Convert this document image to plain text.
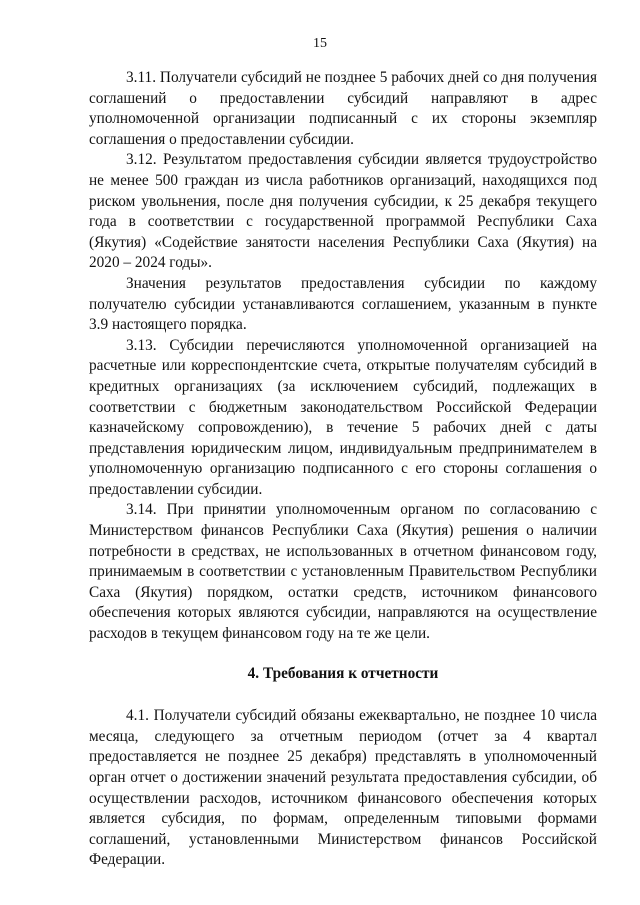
15

3.11. Получатели субсидий не позднее 5 рабочих дней со дня получения соглашений о предоставлении субсидий направляют в адрес уполномоченной организации подписанный с их стороны экземпляр соглашения о предоставлении субсидии.

3.12. Результатом предоставления субсидии является трудоустройство не менее 500 граждан из числа работников организаций, находящихся под риском увольнения, после дня получения субсидии, к 25 декабря текущего года в соответствии с государственной программой Республики Саха (Якутия) «Содействие занятости населения Республики Саха (Якутия) на 2020 – 2024 годы».

Значения результатов предоставления субсидии по каждому получателю субсидии устанавливаются соглашением, указанным в пункте 3.9 настоящего порядка.

3.13. Субсидии перечисляются уполномоченной организацией на расчетные или корреспондентские счета, открытые получателям субсидий в кредитных организациях (за исключением субсидий, подлежащих в соответствии с бюджетным законодательством Российской Федерации казначейскому сопровождению), в течение 5 рабочих дней с даты представления юридическим лицом, индивидуальным предпринимателем в уполномоченную организацию подписанного с его стороны соглашения о предоставлении субсидии.

3.14. При принятии уполномоченным органом по согласованию с Министерством финансов Республики Саха (Якутия) решения о наличии потребности в средствах, не использованных в отчетном финансовом году, принимаемым в соответствии с установленным Правительством Республики Саха (Якутия) порядком, остатки средств, источником финансового обеспечения которых являются субсидии, направляются на осуществление расходов в текущем финансовом году на те же цели.

4. Требования к отчетности

4.1. Получатели субсидий обязаны ежеквартально, не позднее 10 числа месяца, следующего за отчетным периодом (отчет за 4 квартал предоставляется не позднее 25 декабря) представлять в уполномоченный орган отчет о достижении значений результата предоставления субсидии, об осуществлении расходов, источником финансового обеспечения которых является субсидия, по формам, определенным типовыми формами соглашений, установленными Министерством финансов Российской Федерации.
